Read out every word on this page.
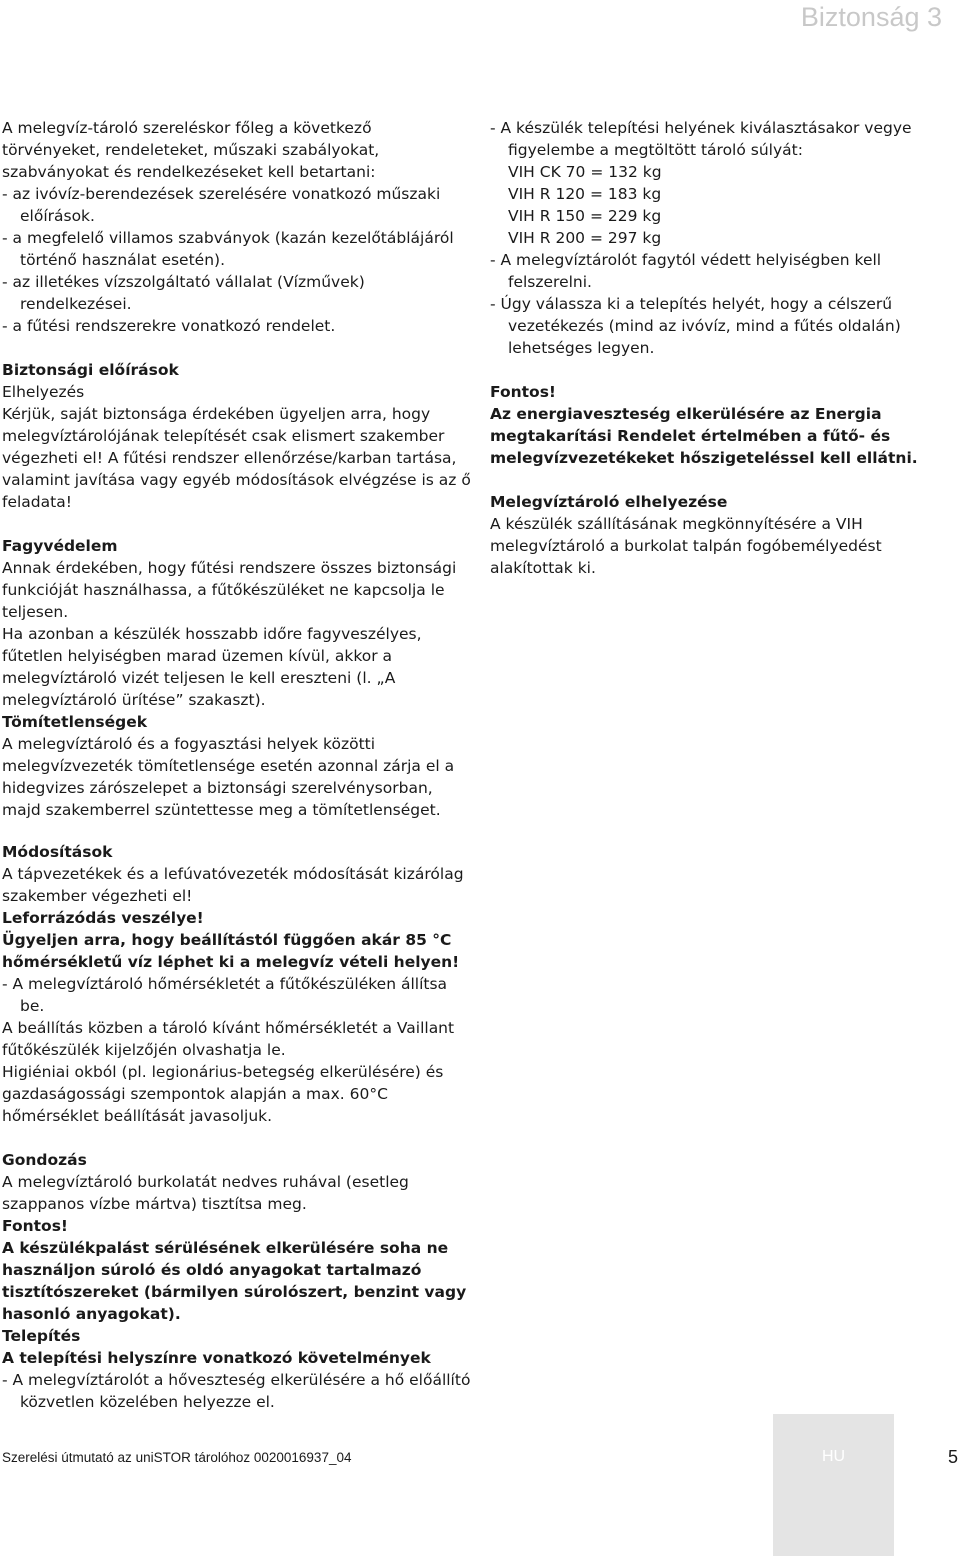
Biztonság 3

A melegvíz-tároló szereléskor főleg a következő törvényeket, rendeleteket, műszaki szabályokat, szabványokat és rendelkezéseket kell betartani:

- az ivóvíz-berendezések szerelésére vonatkozó műszaki előírások.

- a megfelelő villamos szabványok (kazán kezelőtáblájáról történő használat esetén).

- az illetékes vízszolgáltató vállalat (Vízművek) rendelkezései.

- a fűtési rendszerekre vonatkozó rendelet.

Biztonsági előírások

Elhelyezés

Kérjük, saját biztonsága érdekében ügyeljen arra, hogy melegvíztárolójának telepítését csak elismert szakember végezheti el! A fűtési rendszer ellenőrzése/karban tartása, valamint javítása vagy egyéb módosítások elvégzése is az ő feladata!

Fagyvédelem

Annak érdekében, hogy fűtési rendszere összes biztonsági funkcióját használhassa, a fűtőkészüléket ne kapcsolja le teljesen.

Ha azonban a készülék hosszabb időre fagyveszélyes, fűtetlen helyiségben marad üzemen kívül, akkor a melegvíztároló vizét teljesen le kell ereszteni (l. „A melegvíztároló ürítése” szakaszt).

Tömítetlenségek

A melegvíztároló és a fogyasztási helyek közötti melegvízvezeték tömítetlensége esetén azonnal zárja el a hidegvizes zárószelepet a biztonsági szerelvénysorban, majd szakemberrel szüntettesse meg a tömítetlenséget.

Módosítások

A tápvezetékek és a lefúvatóvezeték módosítását kizárólag szakember végezheti el!

Leforrázódás veszélye!

Ügyeljen arra, hogy beállítástól függően akár 85 °C hőmérsékletű víz léphet ki a melegvíz vételi helyen!

- A melegvíztároló hőmérsékletét a fűtőkészüléken állítsa be.

A beállítás közben a tároló kívánt hőmérsékletét a Vaillant fűtőkészülék kijelzőjén olvashatja le.

Higiéniai okból (pl. legionárius-betegség elkerülésére) és gazdaságossági szempontok alapján a max. 60°C hőmérséklet beállítását javasoljuk.

Gondozás

A melegvíztároló burkolatát nedves ruhával (esetleg szappanos vízbe mártva) tisztítsa meg.

Fontos!

A készülékpalást sérülésének elkerülésére soha ne használjon súroló és oldó anyagokat tartalmazó tisztítószereket (bármilyen súrolószert, benzint vagy hasonló anyagokat).

Telepítés

A telepítési helyszínre vonatkozó követelmények

- A melegvíztárolót a hőveszteség elkerülésére a hő előállító közvetlen közelében helyezze el.

- A készülék telepítési helyének kiválasztásakor vegye figyelembe a megtöltött tároló súlyát:

VIH CK 70 = 132 kg

VIH R 120 = 183 kg

VIH R 150 = 229 kg

VIH R 200 = 297 kg

- A melegvíztárolót fagytól védett helyiségben kell felszerelni.

- Úgy válassza ki a telepítés helyét, hogy a célszerű vezetékezés (mind az ivóvíz, mind a fűtés oldalán) lehetséges legyen.

Fontos!

Az energiaveszteség elkerülésére az Energia megtakarítási Rendelet értelmében a fűtő- és melegvízvezetékeket hőszigeteléssel kell ellátni.

Melegvíztároló elhelyezése

A készülék szállításának megkönnyítésére a VIH melegvíztároló a burkolat talpán fogóbemélyedést alakítottak ki.

Szerelési útmutató az uniSTOR tárolóhoz 0020016937_04	HU	5
